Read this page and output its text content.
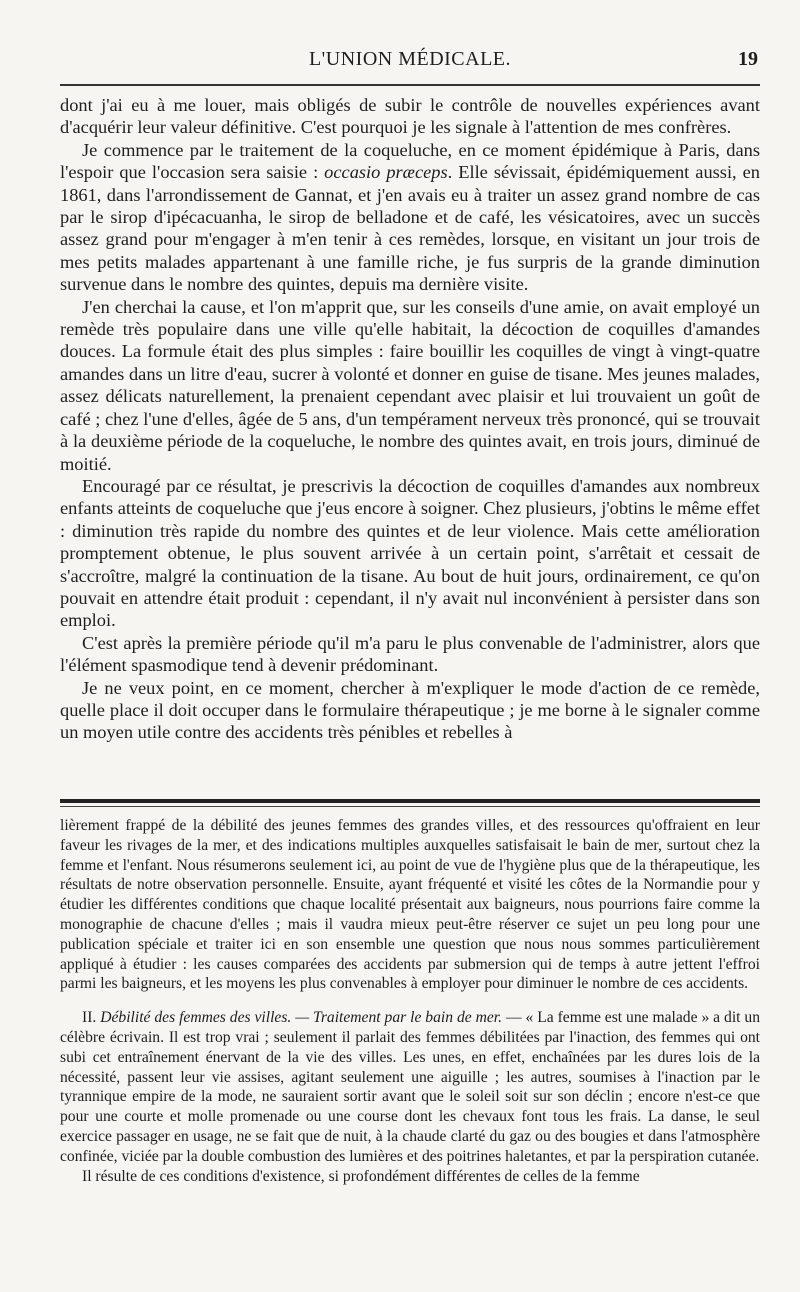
L'UNION MÉDICALE.	19

dont j'ai eu à me louer, mais obligés de subir le contrôle de nouvelles expériences avant d'acquérir leur valeur définitive. C'est pourquoi je les signale à l'attention de mes confrères.

Je commence par le traitement de la coqueluche, en ce moment épidémique à Paris, dans l'espoir que l'occasion sera saisie : occasio præceps. Elle sévissait, épidémiquement aussi, en 1861, dans l'arrondissement de Gannat, et j'en avais eu à traiter un assez grand nombre de cas par le sirop d'ipécacuanha, le sirop de belladone et de café, les vésicatoires, avec un succès assez grand pour m'engager à m'en tenir à ces remèdes, lorsque, en visitant un jour trois de mes petits malades appartenant à une famille riche, je fus surpris de la grande diminution survenue dans le nombre des quintes, depuis ma dernière visite.

J'en cherchai la cause, et l'on m'apprit que, sur les conseils d'une amie, on avait employé un remède très populaire dans une ville qu'elle habitait, la décoction de coquilles d'amandes douces. La formule était des plus simples : faire bouillir les coquilles de vingt à vingt-quatre amandes dans un litre d'eau, sucrer à volonté et donner en guise de tisane. Mes jeunes malades, assez délicats naturellement, la prenaient cependant avec plaisir et lui trouvaient un goût de café ; chez l'une d'elles, âgée de 5 ans, d'un tempérament nerveux très prononcé, qui se trouvait à la deuxième période de la coqueluche, le nombre des quintes avait, en trois jours, diminué de moitié.

Encouragé par ce résultat, je prescrivis la décoction de coquilles d'amandes aux nombreux enfants atteints de coqueluche que j'eus encore à soigner. Chez plusieurs, j'obtins le même effet : diminution très rapide du nombre des quintes et de leur violence. Mais cette amélioration promptement obtenue, le plus souvent arrivée à un certain point, s'arrêtait et cessait de s'accroître, malgré la continuation de la tisane. Au bout de huit jours, ordinairement, ce qu'on pouvait en attendre était produit : cependant, il n'y avait nul inconvénient à persister dans son emploi.

C'est après la première période qu'il m'a paru le plus convenable de l'administrer, alors que l'élément spasmodique tend à devenir prédominant.

Je ne veux point, en ce moment, chercher à m'expliquer le mode d'action de ce remède, quelle place il doit occuper dans le formulaire thérapeutique ; je me borne à le signaler comme un moyen utile contre des accidents très pénibles et rebelles à

lièrement frappé de la débilité des jeunes femmes des grandes villes, et des ressources qu'offraient en leur faveur les rivages de la mer, et des indications multiples auxquelles satisfaisait le bain de mer, surtout chez la femme et l'enfant. Nous résumerons seulement ici, au point de vue de l'hygiène plus que de la thérapeutique, les résultats de notre observation personnelle. Ensuite, ayant fréquenté et visité les côtes de la Normandie pour y étudier les différentes conditions que chaque localité présentait aux baigneurs, nous pourrions faire comme la monographie de chacune d'elles ; mais il vaudra mieux peut-être réserver ce sujet un peu long pour une publication spéciale et traiter ici en son ensemble une question que nous nous sommes particulièrement appliqué à étudier : les causes comparées des accidents par submersion qui de temps à autre jettent l'effroi parmi les baigneurs, et les moyens les plus convenables à employer pour diminuer le nombre de ces accidents.

II. Débilité des femmes des villes. — Traitement par le bain de mer. — « La femme est une malade » a dit un célèbre écrivain. Il est trop vrai ; seulement il parlait des femmes débilitées par l'inaction, des femmes qui ont subi cet entraînement énervant de la vie des villes. Les unes, en effet, enchaînées par les dures lois de la nécessité, passent leur vie assises, agitant seulement une aiguille ; les autres, soumises à l'inaction par le tyrannique empire de la mode, ne sauraient sortir avant que le soleil soit sur son déclin ; encore n'est-ce que pour une courte et molle promenade ou une course dont les chevaux font tous les frais. La danse, le seul exercice passager en usage, ne se fait que de nuit, à la chaude clarté du gaz ou des bougies et dans l'atmosphère confinée, viciée par la double combustion des lumières et des poitrines haletantes, et par la perspiration cutanée.

Il résulte de ces conditions d'existence, si profondément différentes de celles de la femme
